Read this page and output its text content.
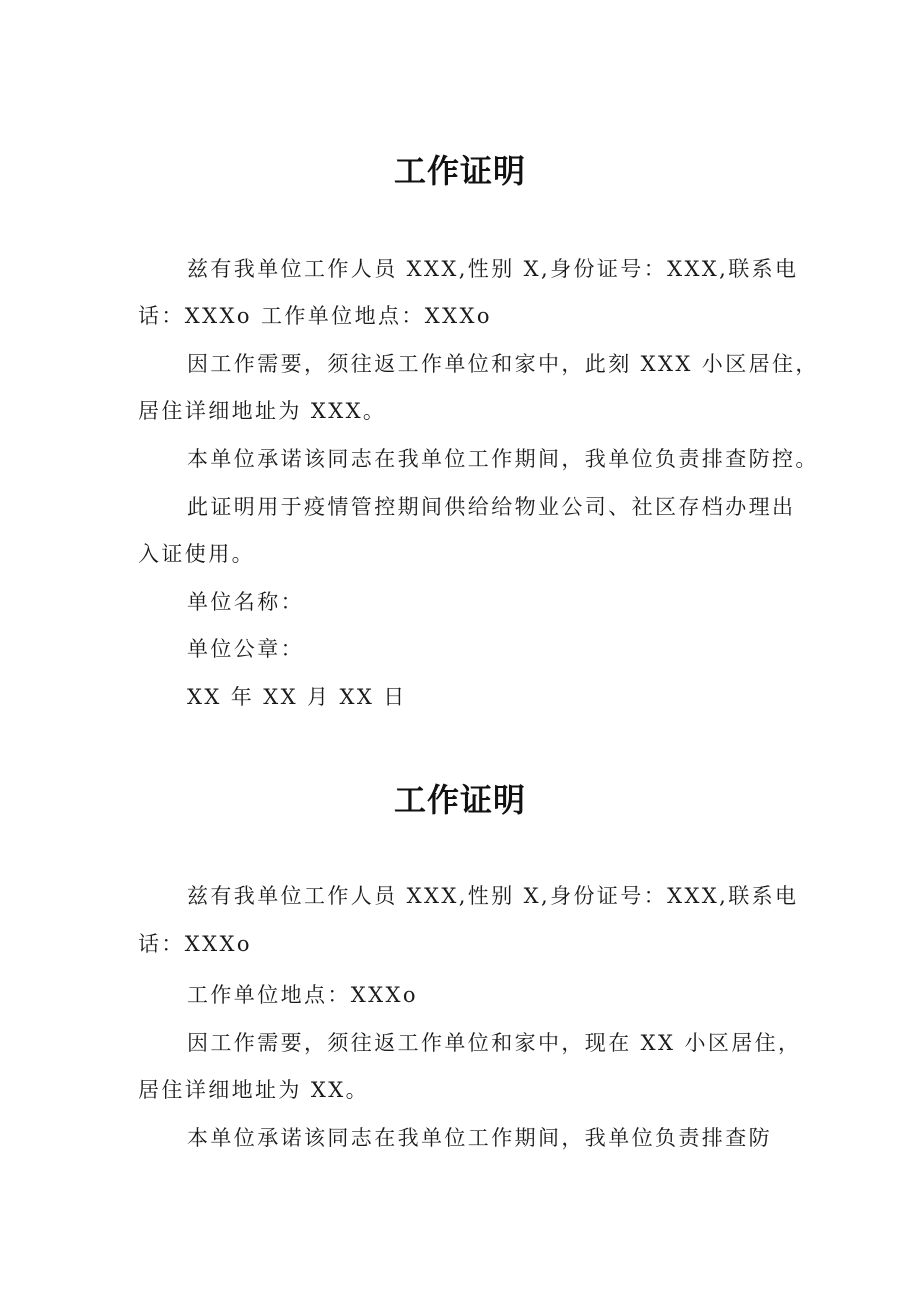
工作证明

兹有我单位工作人员 XXX,性别 X,身份证号：XXX,联系电

话：XXXo 工作单位地点：XXXo

因工作需要，须往返工作单位和家中，此刻 XXX 小区居住，

居住详细地址为 XXX。

本单位承诺该同志在我单位工作期间，我单位负责排查防控。

此证明用于疫情管控期间供给给物业公司、社区存档办理出

入证使用。

单位名称：

单位公章：

XX 年 XX 月 XX 日

工作证明

兹有我单位工作人员 XXX,性别 X,身份证号：XXX,联系电

话：XXXo

工作单位地点：XXXo

因工作需要，须往返工作单位和家中，现在 XX 小区居住，

居住详细地址为 XX。

本单位承诺该同志在我单位工作期间，我单位负责排查防
